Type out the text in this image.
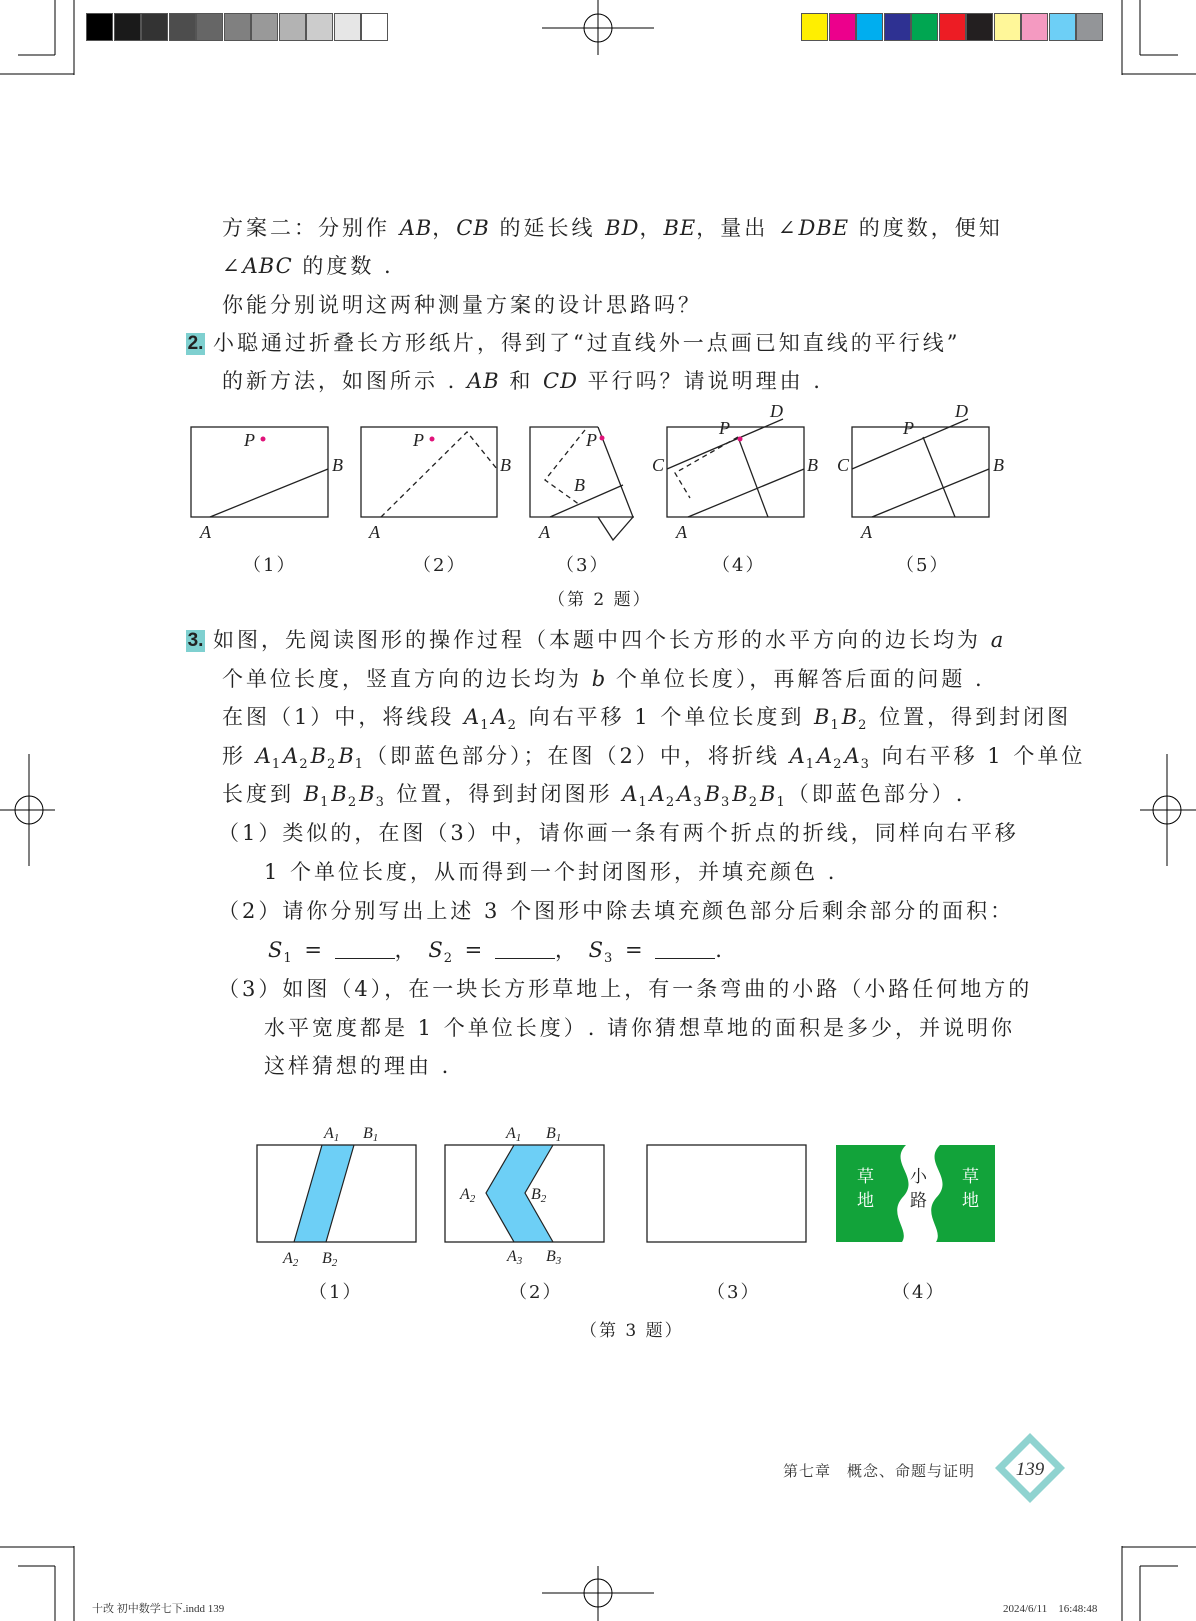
方案二：分别作 AB，CB 的延长线 BD，BE，量出 ∠DBE 的度数，便知
∠ABC 的度数 .
你能分别说明这两种测量方案的设计思路吗？
2. 小聪通过折叠长方形纸片，得到了“过直线外一点画已知直线的平行线”
的新方法，如图所示 . AB 和 CD 平行吗？请说明理由 .
P
B
A
P
B
A
P
B
A
P
D
C	B
A
P
D
C	B
A
（1）	（2）	（3）	（4）	（5）
（第 2 题）
3. 如图，先阅读图形的操作过程（本题中四个长方形的水平方向的边长均为 a
个单位长度，竖直方向的边长均为 b 个单位长度），再解答后面的问题 .
在图（1）中，将线段 $A_1A_2$ 向右平移 1 个单位长度到 $B_1B_2$ 位置，得到封闭图
形 $A_1A_2B_2B_1$（即蓝色部分）；在图（2）中，将折线 $A_1A_2A_3$ 向右平移 1 个单位
长度到 $B_1B_2B_3$ 位置，得到封闭图形 $A_1A_2A_3B_3B_2B_1$（即蓝色部分）.
（1）类似的，在图（3）中，请你画一条有两个折点的折线，同样向右平移
1 个单位长度，从而得到一个封闭图形，并填充颜色 .
（2）请你分别写出上述 3 个图形中除去填充颜色部分后剩余部分的面积：
$S_1$ =	， $S_2$ =	， $S_3$ =	.
（3）如图（4），在一块长方形草地上，有一条弯曲的小路（小路任何地方的
水平宽度都是 1 个单位长度）. 请你猜想草地的面积是多少，并说明你
这样猜想的理由 .
A1 B1
A2 B2
A1 B1
A2	B2
A3 B3
草
地
草
地
小
路
（1）	（2）	（3）	（4）
（第 3 题）
第七章　概念、命题与证明 139
十改 初中数学七下.indd 139	2024/6/11　16:48:48
